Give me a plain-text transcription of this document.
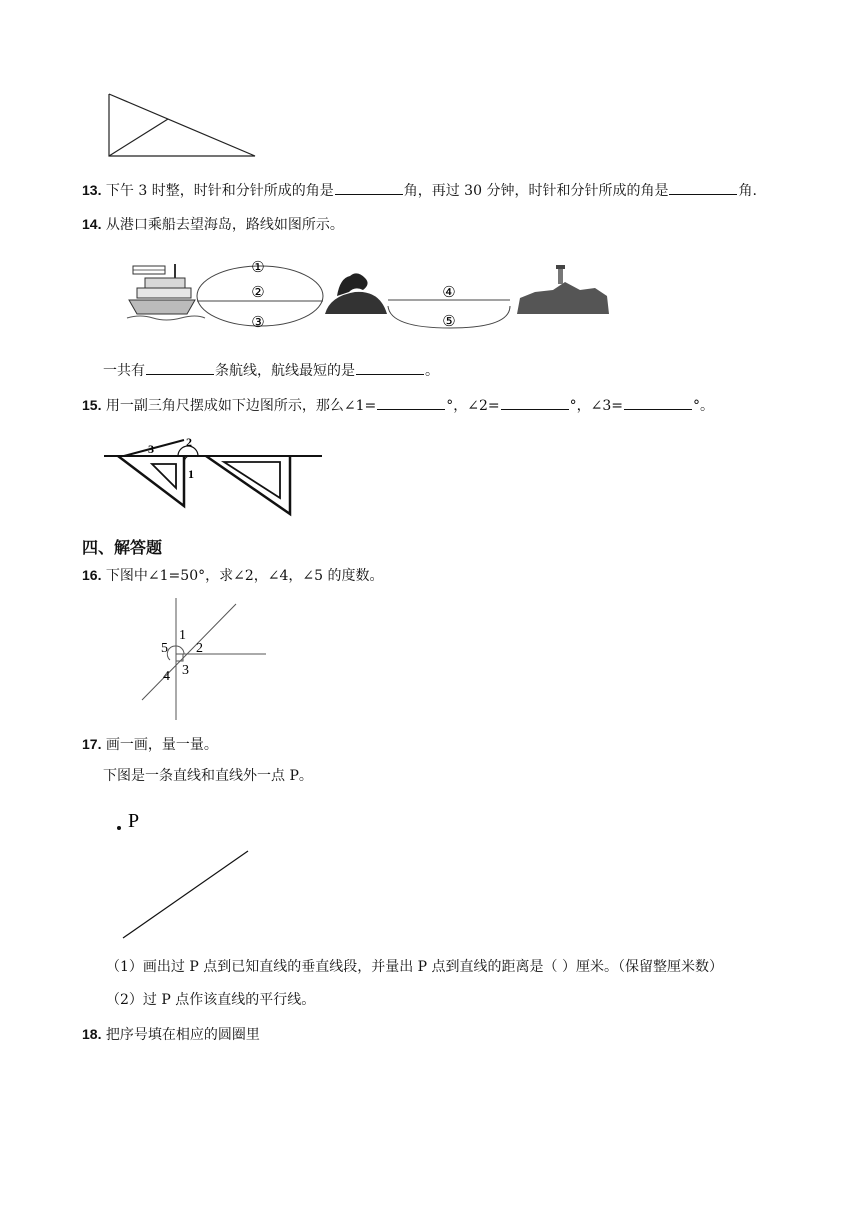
13. 下午 3 时整，时针和分针所成的角是	角，再过 30 分钟，时针和分针所成的角是	角.
14. 从港口乘船去望海岛，路线如图所示。
①
②
③
④
⑤
一共有	条航线，航线最短的是	。
15. 用一副三角尺摆成如下边图所示，那么∠1=	°，∠2=	°，∠3=	°。
3	2
1
四、解答题
16. 下图中∠1=50°，求∠2，∠4，∠5 的度数。
1
2
3
4
5
17. 画一画，量一量。
下图是一条直线和直线外一点 P。
P
（1）画出过 P 点到已知直线的垂直线段，并量出 P 点到直线的距离是（ ）厘米。（保留整厘米数）
（2）过 P 点作该直线的平行线。
18. 把序号填在相应的圆圈里
